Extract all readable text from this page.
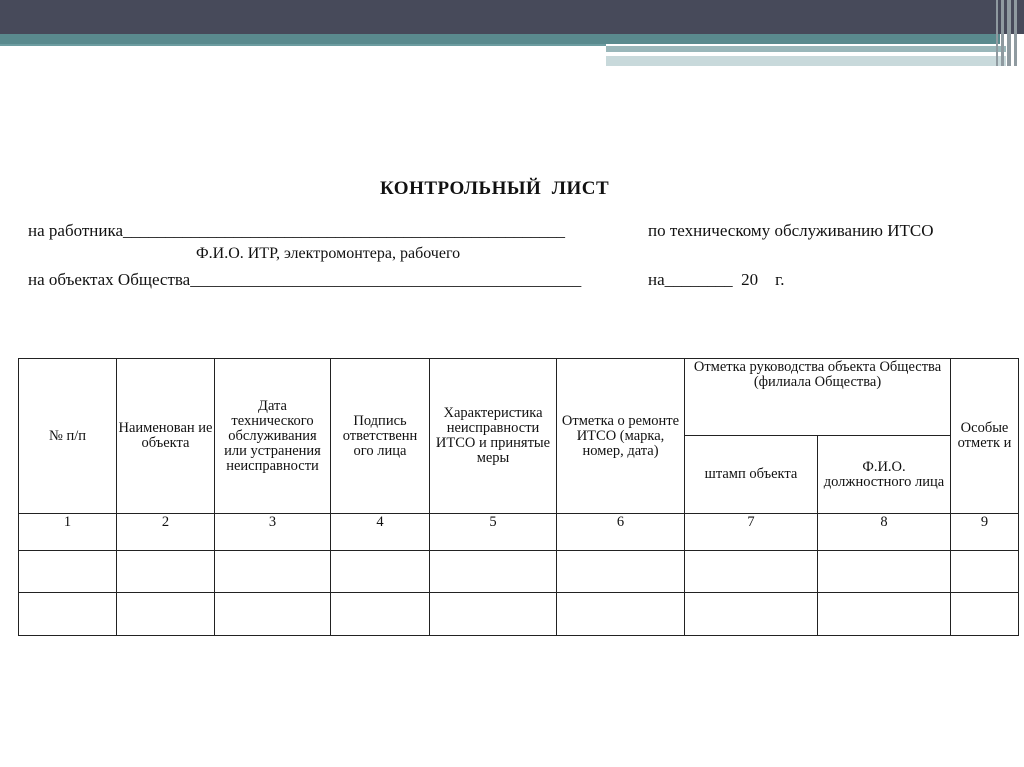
КОНТРОЛЬНЫЙ  ЛИСТ
на работника____________________________________________________	по техническому обслуживанию ИТСО
Ф.И.О. ИТР, электромонтера, рабочего
на объектах Общества______________________________________________	на________  20    г.
№ п/п	Наименован ие объекта	Дата технического обслуживания или устранения неисправности	Подпись ответственн ого лица	Характеристика неисправности ИТСО и принятые меры	Отметка о ремонте ИТСО (марка, номер, дата)	Отметка руководства объекта Общества (филиала Общества)		Особые отметк и
						штамп объекта	Ф.И.О. должностного лица	
1	2	3	4	5	6	7	8	9
